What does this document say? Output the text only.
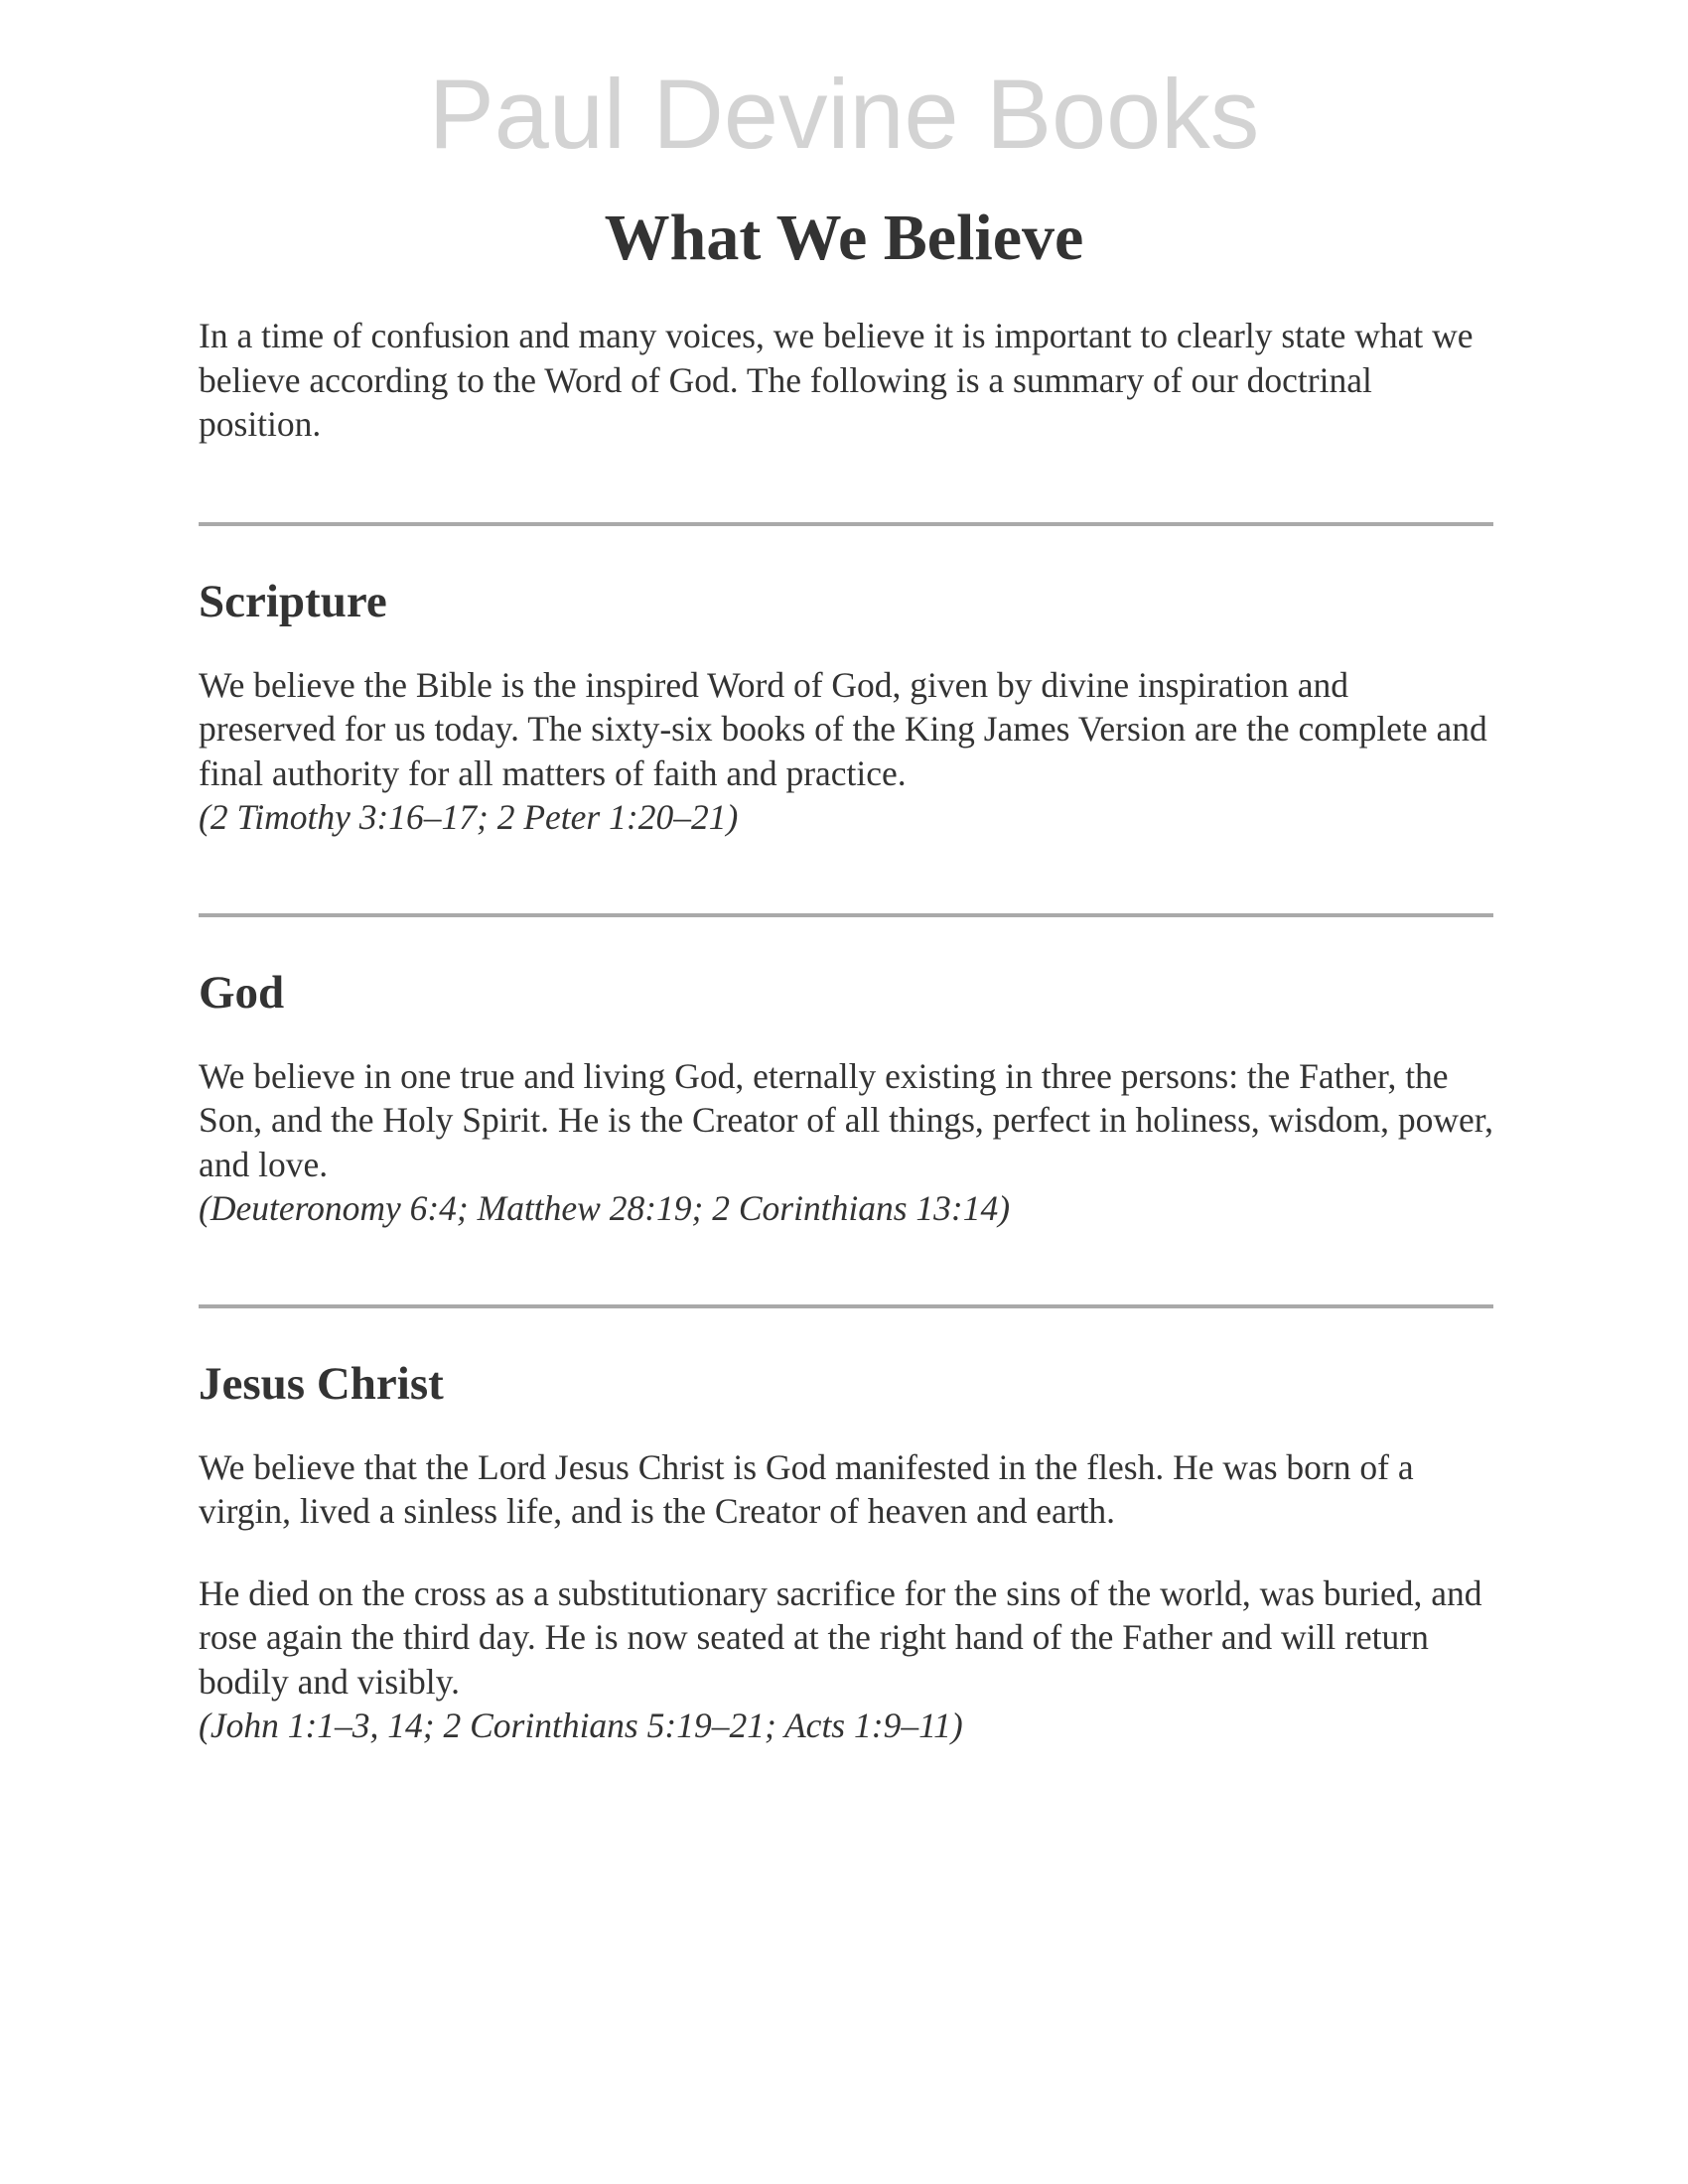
Paul Devine Books
What We Believe

In a time of confusion and many voices, we believe it is important to clearly state what we believe according to the Word of God. The following is a summary of our doctrinal position.

Scripture

We believe the Bible is the inspired Word of God, given by divine inspiration and preserved for us today. The sixty-six books of the King James Version are the complete and final authority for all matters of faith and practice.
(2 Timothy 3:16–17; 2 Peter 1:20–21)

God

We believe in one true and living God, eternally existing in three persons: the Father, the Son, and the Holy Spirit. He is the Creator of all things, perfect in holiness, wisdom, power, and love.
(Deuteronomy 6:4; Matthew 28:19; 2 Corinthians 13:14)

Jesus Christ

We believe that the Lord Jesus Christ is God manifested in the flesh. He was born of a virgin, lived a sinless life, and is the Creator of heaven and earth.

He died on the cross as a substitutionary sacrifice for the sins of the world, was buried, and rose again the third day. He is now seated at the right hand of the Father and will return bodily and visibly.
(John 1:1–3, 14; 2 Corinthians 5:19–21; Acts 1:9–11)
